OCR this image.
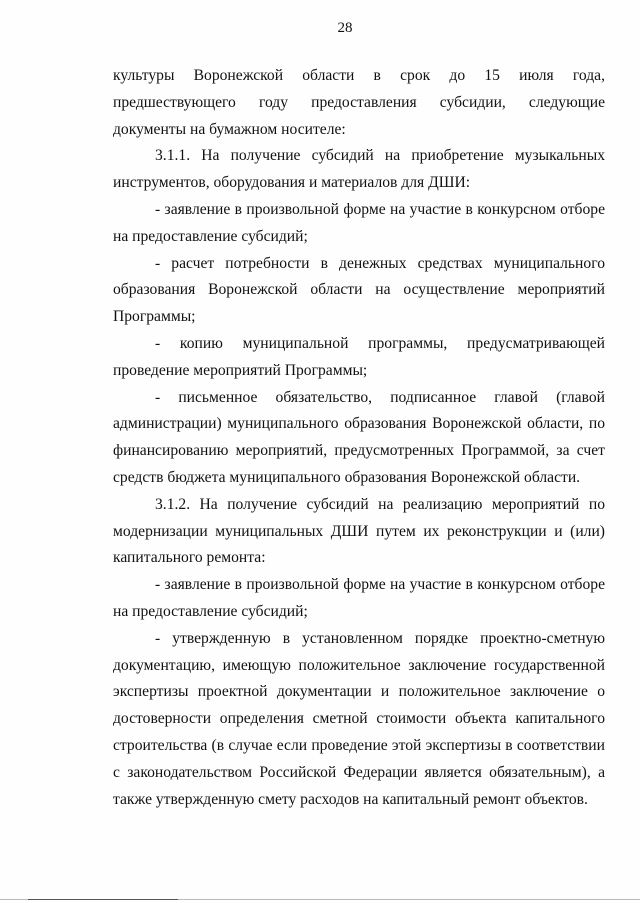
28

культуры Воронежской области в срок до 15 июля года, предшествующего году предоставления субсидии, следующие документы на бумажном носителе:

3.1.1. На получение субсидий на приобретение музыкальных инструментов, оборудования и материалов для ДШИ:

- заявление в произвольной форме на участие в конкурсном отборе на предоставление субсидий;

- расчет потребности в денежных средствах муниципального образования Воронежской области на осуществление мероприятий Программы;

- копию муниципальной программы, предусматривающей проведение мероприятий Программы;

- письменное обязательство, подписанное главой (главой администрации) муниципального образования Воронежской области, по финансированию мероприятий, предусмотренных Программой, за счет средств бюджета муниципального образования Воронежской области.

3.1.2. На получение субсидий на реализацию мероприятий по модернизации муниципальных ДШИ путем их реконструкции и (или) капитального ремонта:

- заявление в произвольной форме на участие в конкурсном отборе на предоставление субсидий;

- утвержденную в установленном порядке проектно-сметную документацию, имеющую положительное заключение государственной экспертизы проектной документации и положительное заключение о достоверности определения сметной стоимости объекта капитального строительства (в случае если проведение этой экспертизы в соответствии с законодательством Российской Федерации является обязательным), а также утвержденную смету расходов на капитальный ремонт объектов.
